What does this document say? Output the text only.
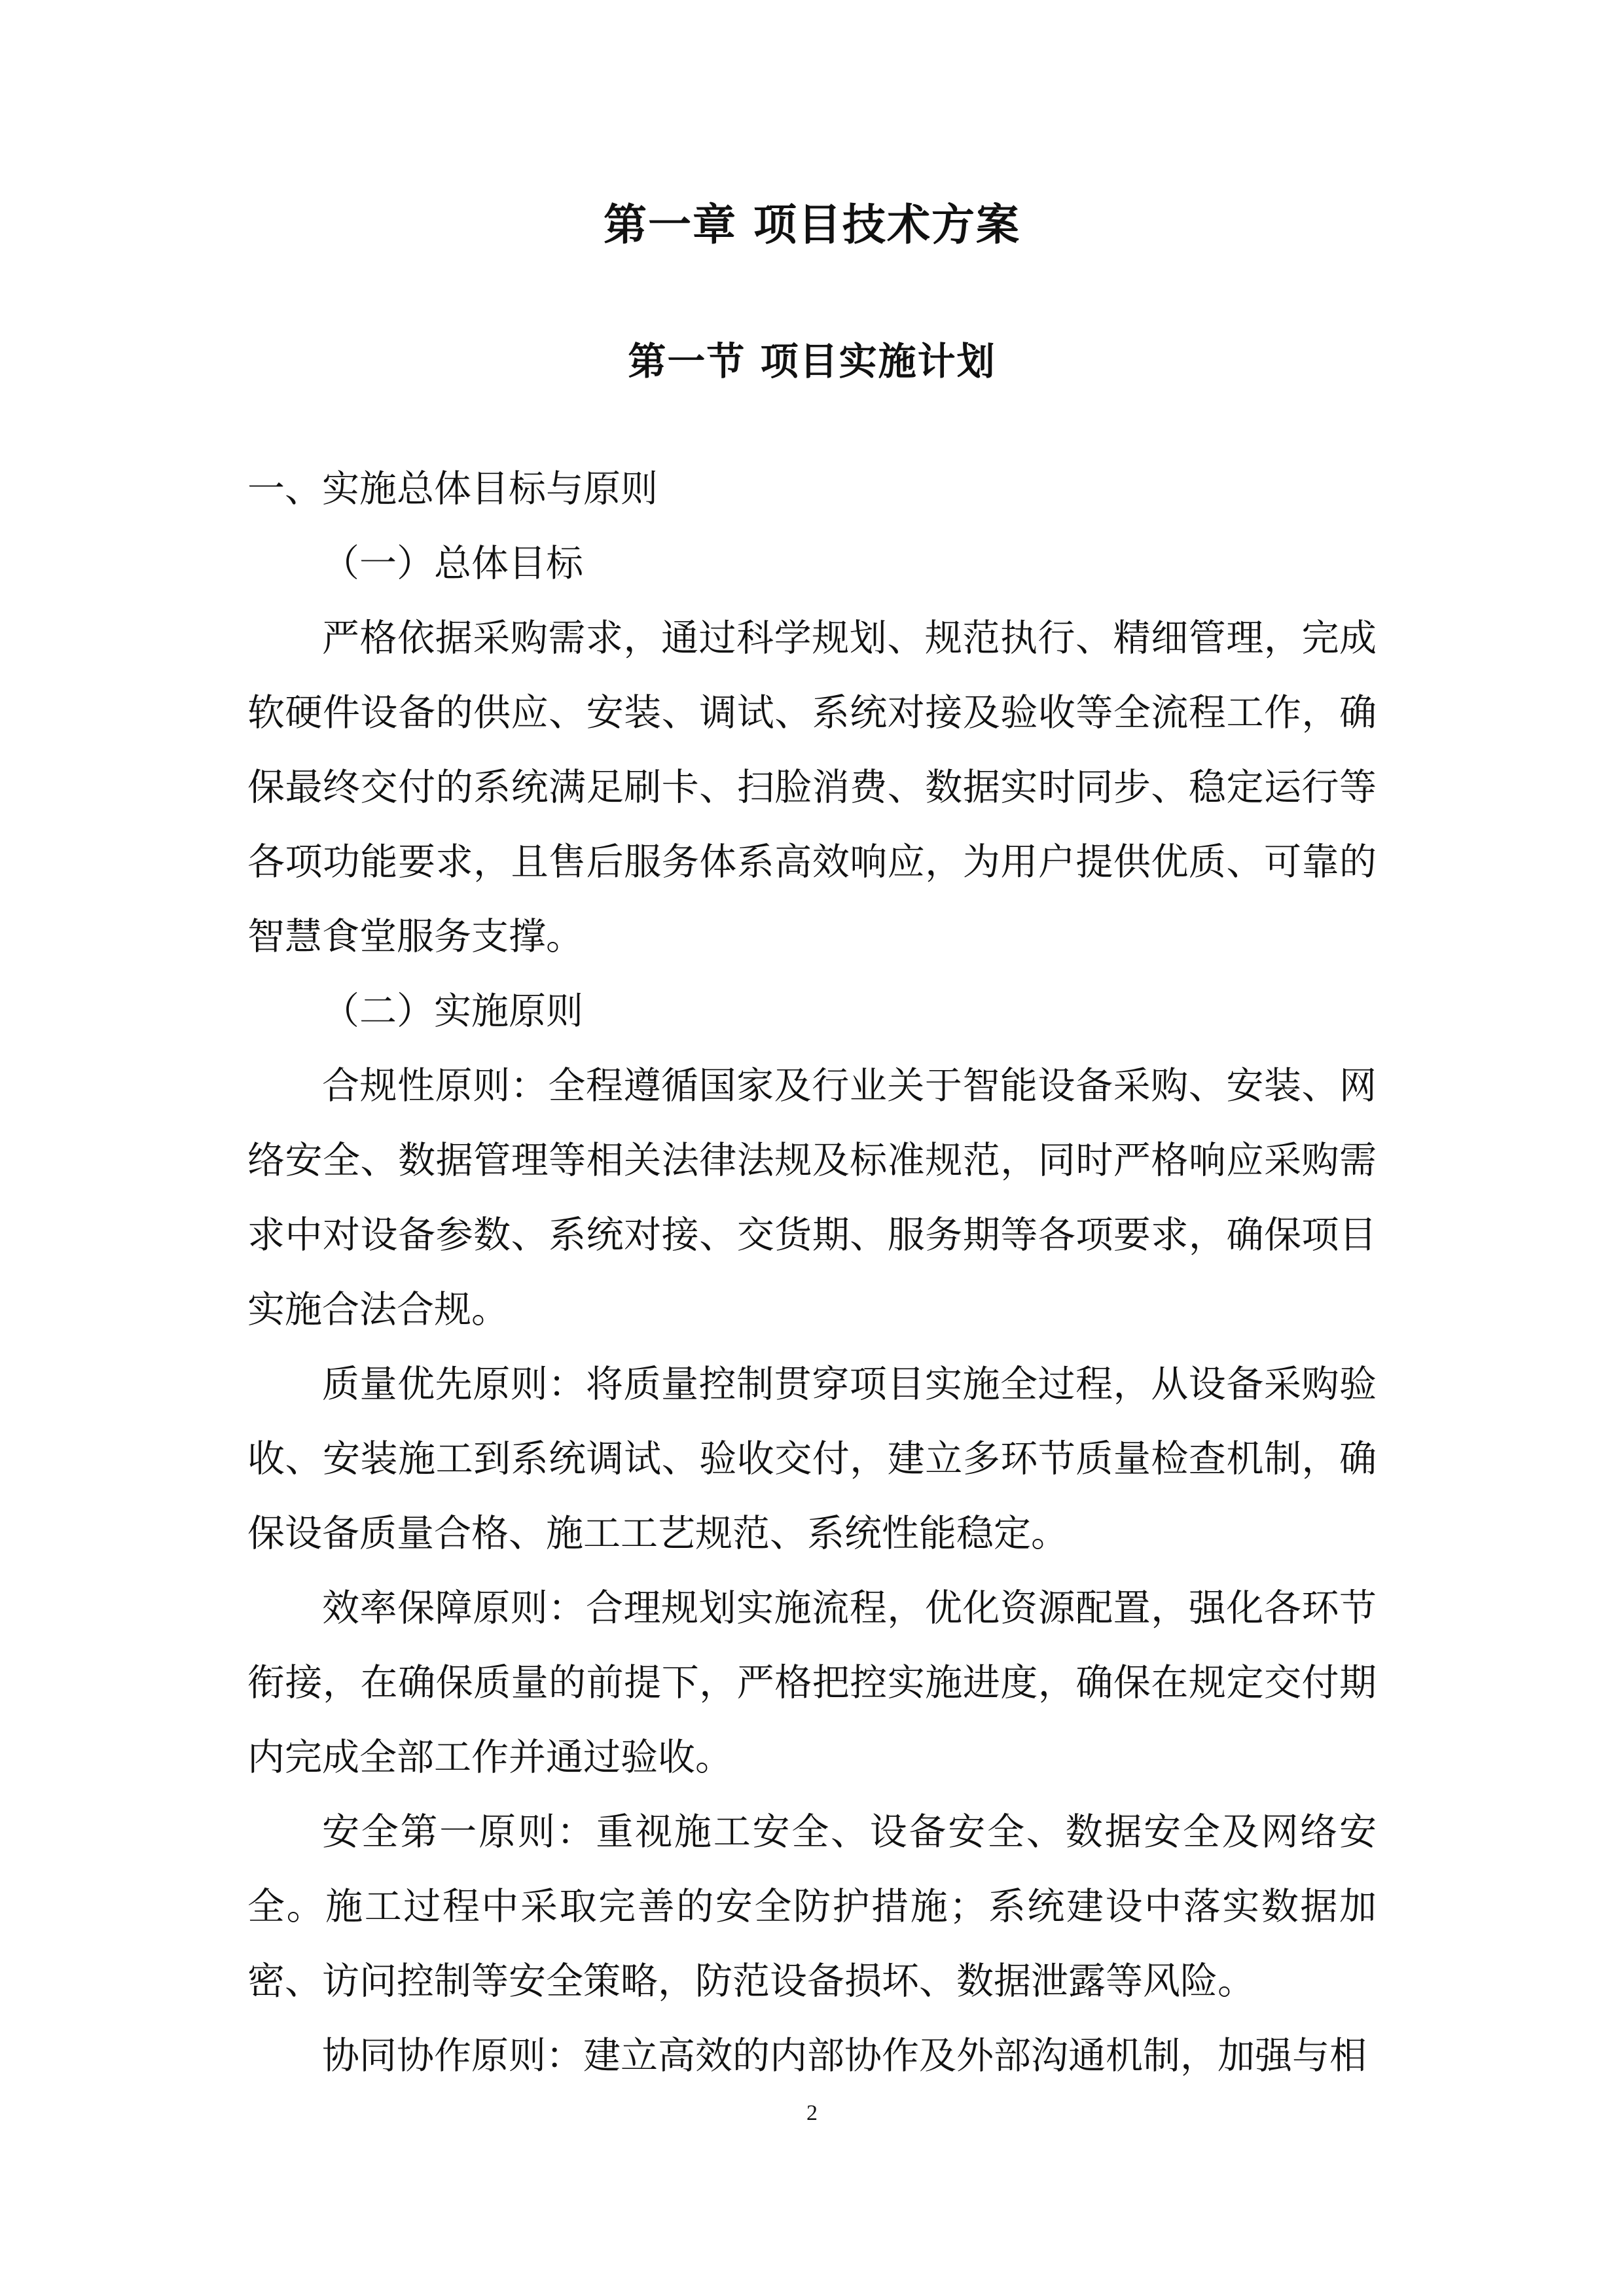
第一章 项目技术方案
第一节 项目实施计划

一、实施总体目标与原则

（一）总体目标

严格依据采购需求，通过科学规划、规范执行、精细管理，完成软硬件设备的供应、安装、调试、系统对接及验收等全流程工作，确保最终交付的系统满足刷卡、扫脸消费、数据实时同步、稳定运行等各项功能要求，且售后服务体系高效响应，为用户提供优质、可靠的智慧食堂服务支撑。

（二）实施原则

合规性原则：全程遵循国家及行业关于智能设备采购、安装、网络安全、数据管理等相关法律法规及标准规范，同时严格响应采购需求中对设备参数、系统对接、交货期、服务期等各项要求，确保项目实施合法合规。

质量优先原则：将质量控制贯穿项目实施全过程，从设备采购验收、安装施工到系统调试、验收交付，建立多环节质量检查机制，确保设备质量合格、施工工艺规范、系统性能稳定。

效率保障原则：合理规划实施流程，优化资源配置，强化各环节衔接，在确保质量的前提下，严格把控实施进度，确保在规定交付期内完成全部工作并通过验收。

安全第一原则：重视施工安全、设备安全、数据安全及网络安全。施工过程中采取完善的安全防护措施；系统建设中落实数据加密、访问控制等安全策略，防范设备损坏、数据泄露等风险。

协同协作原则：建立高效的内部协作及外部沟通机制，加强与相

2
